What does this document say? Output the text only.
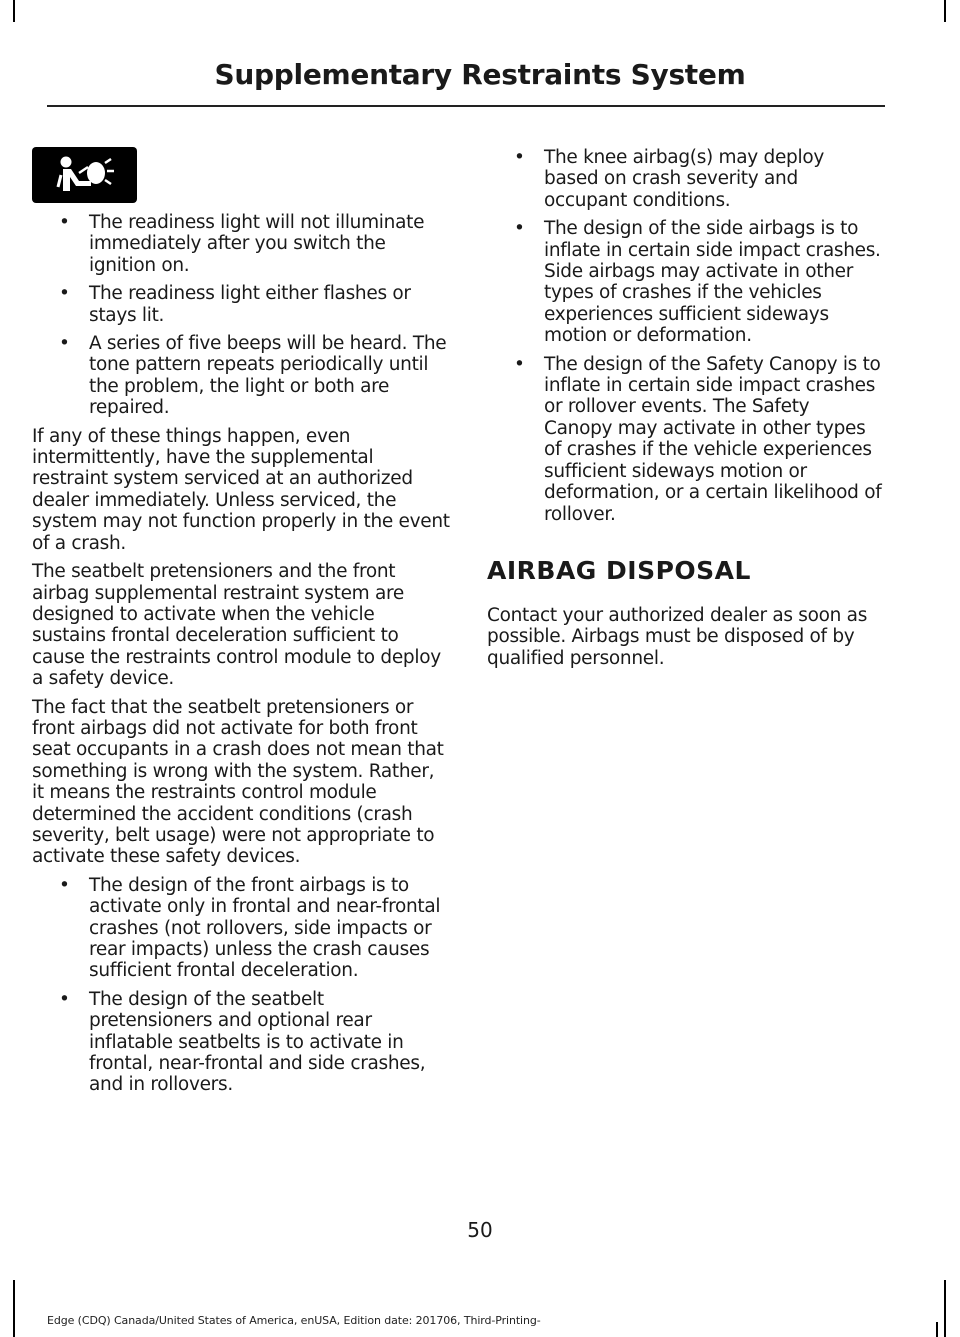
Supplementary Restraints System
• The readiness light will not illuminate immediately after you switch the ignition on.
• The readiness light either flashes or stays lit.
• A series of five beeps will be heard. The tone pattern repeats periodically until the problem, the light or both are repaired.

If any of these things happen, even intermittently, have the supplemental restraint system serviced at an authorized dealer immediately. Unless serviced, the system may not function properly in the event of a crash.

The seatbelt pretensioners and the front airbag supplemental restraint system are designed to activate when the vehicle sustains frontal deceleration sufficient to cause the restraints control module to deploy a safety device.

The fact that the seatbelt pretensioners or front airbags did not activate for both front seat occupants in a crash does not mean that something is wrong with the system. Rather, it means the restraints control module determined the accident conditions (crash severity, belt usage) were not appropriate to activate these safety devices.

• The design of the front airbags is to activate only in frontal and near-frontal crashes (not rollovers, side impacts or rear impacts) unless the crash causes sufficient frontal deceleration.
• The design of the seatbelt pretensioners and optional rear inflatable seatbelts is to activate in frontal, near-frontal and side crashes, and in rollovers.
• The knee airbag(s) may deploy based on crash severity and occupant conditions.
• The design of the side airbags is to inflate in certain side impact crashes. Side airbags may activate in other types of crashes if the vehicles experiences sufficient sideways motion or deformation.
• The design of the Safety Canopy is to inflate in certain side impact crashes or rollover events. The Safety Canopy may activate in other types of crashes if the vehicle experiences sufficient sideways motion or deformation, or a certain likelihood of rollover.
AIRBAG DISPOSAL

Contact your authorized dealer as soon as possible. Airbags must be disposed of by qualified personnel.

50
Edge (CDQ) Canada/United States of America, enUSA, Edition date: 201706, Third-Printing-
